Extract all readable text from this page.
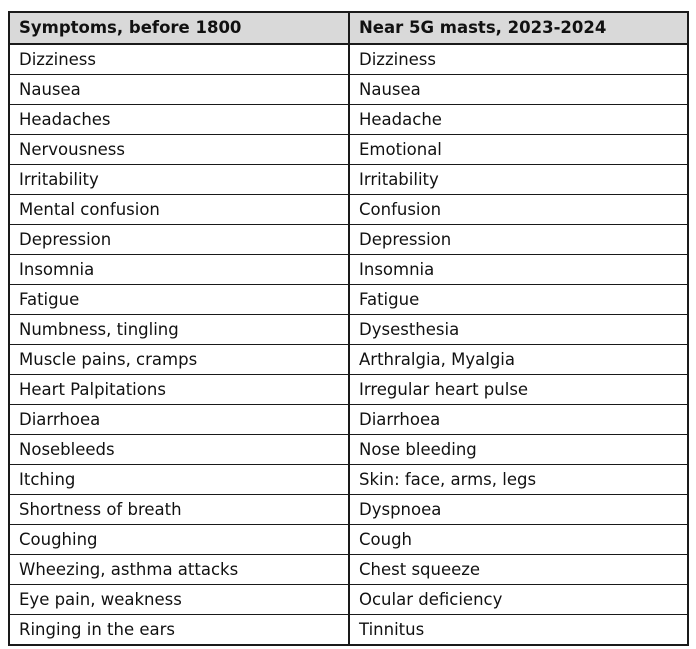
Symptoms, before 1800	Near 5G masts, 2023-2024
Dizziness	Dizziness
Nausea	Nausea
Headaches	Headache
Nervousness	Emotional
Irritability	Irritability
Mental confusion	Confusion
Depression	Depression
Insomnia	Insomnia
Fatigue	Fatigue
Numbness, tingling	Dysesthesia
Muscle pains, cramps	Arthralgia, Myalgia
Heart Palpitations	Irregular heart pulse
Diarrhoea	Diarrhoea
Nosebleeds	Nose bleeding
Itching	Skin: face, arms, legs
Shortness of breath	Dyspnoea
Coughing	Cough
Wheezing, asthma attacks	Chest squeeze
Eye pain, weakness	Ocular deficiency
Ringing in the ears	Tinnitus
